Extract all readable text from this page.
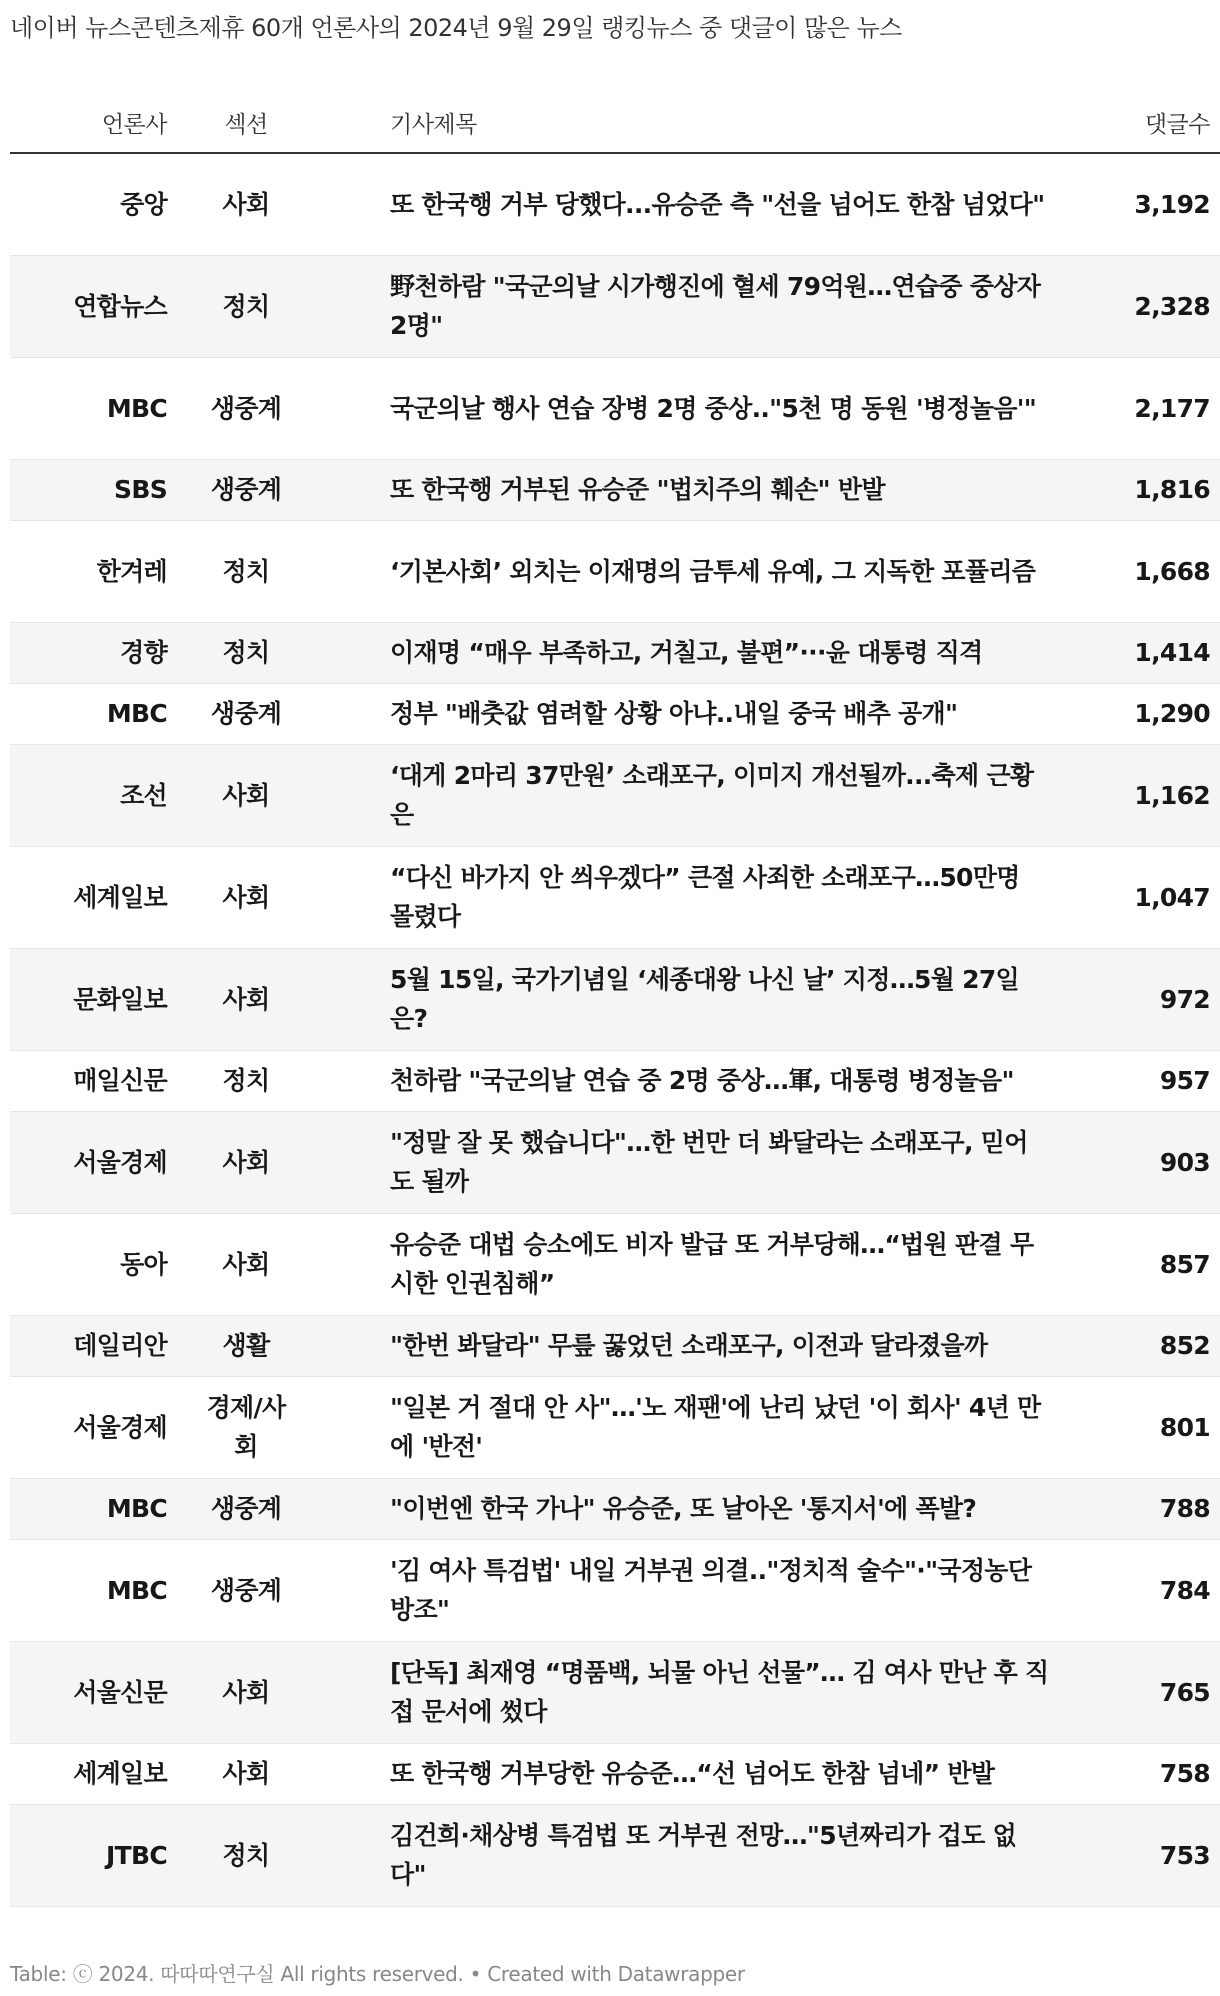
네이버 뉴스콘텐츠제휴 60개 언론사의 2024년 9월 29일 랭킹뉴스 중 댓글이 많은 뉴스
언론사	섹션		기사제목	댓글수
중앙	사회		또 한국행 거부 당했다...유승준 측 "선을 넘어도 한참 넘었다"	3,192
연합뉴스	정치		野천하람 "국군의날 시가행진에 혈세 79억원…연습중 중상자 2명"	2,328
MBC	생중계		국군의날 행사 연습 장병 2명 중상.."5천 명 동원 '병정놀음'"	2,177
SBS	생중계		또 한국행 거부된 유승준 "법치주의 훼손" 반발	1,816
한겨레	정치		‘기본사회’ 외치는 이재명의 금투세 유예, 그 지독한 포퓰리즘	1,668
경향	정치		이재명 “매우 부족하고, 거칠고, 불편”···윤 대통령 직격	1,414
MBC	생중계		정부 "배춧값 염려할 상황 아냐..내일 중국 배추 공개"	1,290
조선	사회		‘대게 2마리 37만원’ 소래포구, 이미지 개선될까...축제 근황은	1,162
세계일보	사회		“다신 바가지 안 씌우겠다” 큰절 사죄한 소래포구…50만명 몰렸다	1,047
문화일보	사회		5월 15일, 국가기념일 ‘세종대왕 나신 날’ 지정…5월 27일은?	972
매일신문	정치		천하람 "국군의날 연습 중 2명 중상…軍, 대통령 병정놀음"	957
서울경제	사회		"정말 잘 못 했습니다"…한 번만 더 봐달라는 소래포구, 믿어도 될까	903
동아	사회		유승준 대법 승소에도 비자 발급 또 거부당해…“법원 판결 무시한 인권침해”	857
데일리안	생활		"한번 봐달라" 무릎 꿇었던 소래포구, 이전과 달라졌을까	852
서울경제	경제/사회		"일본 거 절대 안 사"…'노 재팬'에 난리 났던 '이 회사' 4년 만에 '반전'	801
MBC	생중계		"이번엔 한국 가나" 유승준, 또 날아온 '통지서'에 폭발?	788
MBC	생중계		'김 여사 특검법' 내일 거부권 의결.."정치적 술수"·"국정농단 방조"	784
서울신문	사회		[단독] 최재영 “명품백, 뇌물 아닌 선물”… 김 여사 만난 후 직접 문서에 썼다	765
세계일보	사회		또 한국행 거부당한 유승준…“선 넘어도 한참 넘네” 반발	758
JTBC	정치		김건희·채상병 특검법 또 거부권 전망…"5년짜리가 겁도 없다"	753
Table: ⓒ 2024. 따따따연구실 All rights reserved. • Created with Datawrapper
